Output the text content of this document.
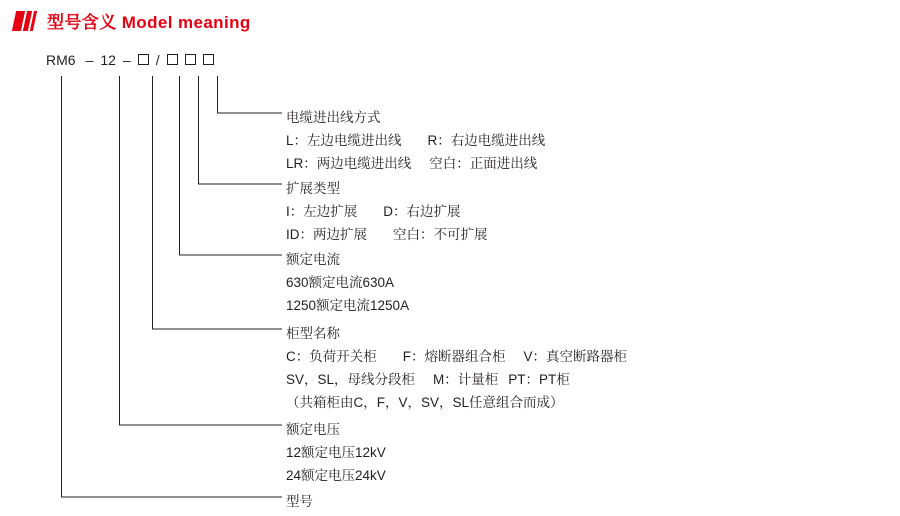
型号含义 Model meaning
RM6 – 12 – /
电缆进出线方式
L：左边电缆进出线 R：右边电缆进出线
LR：两边电缆进出线 空白：正面进出线
扩展类型
I：左边扩展 D：右边扩展
ID：两边扩展 空白：不可扩展
额定电流
630额定电流630A
1250额定电流1250A
柜型名称
C：负荷开关柜 F：熔断器组合柜 V：真空断路器柜
SV，SL，母线分段柜 M：计量柜 PT：PT柜
（共箱柜由C，F，V，SV，SL任意组合而成）
额定电压
12额定电压12kV
24额定电压24kV
型号
